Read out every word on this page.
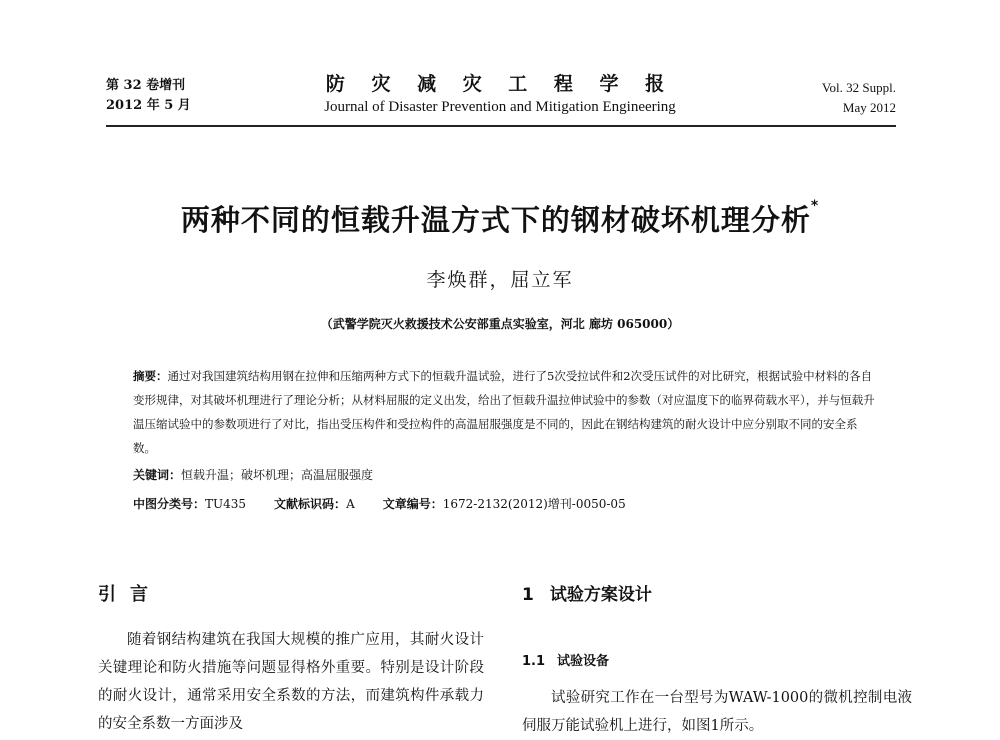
第 32 卷增刊
2012 年 5 月
防 灾 减 灾 工 程 学 报
Journal of Disaster Prevention and Mitigation Engineering
Vol. 32 Suppl.
May 2012
两种不同的恒载升温方式下的钢材破坏机理分析*
李焕群，屈立军
（武警学院灭火救援技术公安部重点实验室，河北 廊坊 065000）
摘要：通过对我国建筑结构用钢在拉伸和压缩两种方式下的恒载升温试验，进行了5次受拉试件和2次受压试件的对比研究，根据试验中材料的各自变形规律，对其破坏机理进行了理论分析；从材料屈服的定义出发，给出了恒载升温拉伸试验中的参数（对应温度下的临界荷载水平），并与恒载升温压缩试验中的参数项进行了对比，指出受压构件和受拉构件的高温屈服强度是不同的，因此在钢结构建筑的耐火设计中应分别取不同的安全系数。
关键词：恒载升温；破坏机理；高温屈服强度
中图分类号：TU435 文献标识码：A 文章编号：1672-2132(2012)增刊-0050-05
引言

随着钢结构建筑在我国大规模的推广应用，其耐火设计关键理论和防火措施等问题显得格外重要。特别是设计阶段的耐火设计，通常采用安全系数的方法，而建筑构件承载力的安全系数一方面涉及

1 试验方案设计
1.1 试验设备

试验研究工作在一台型号为WAW-1000的微机控制电液伺服万能试验机上进行，如图1所示。
